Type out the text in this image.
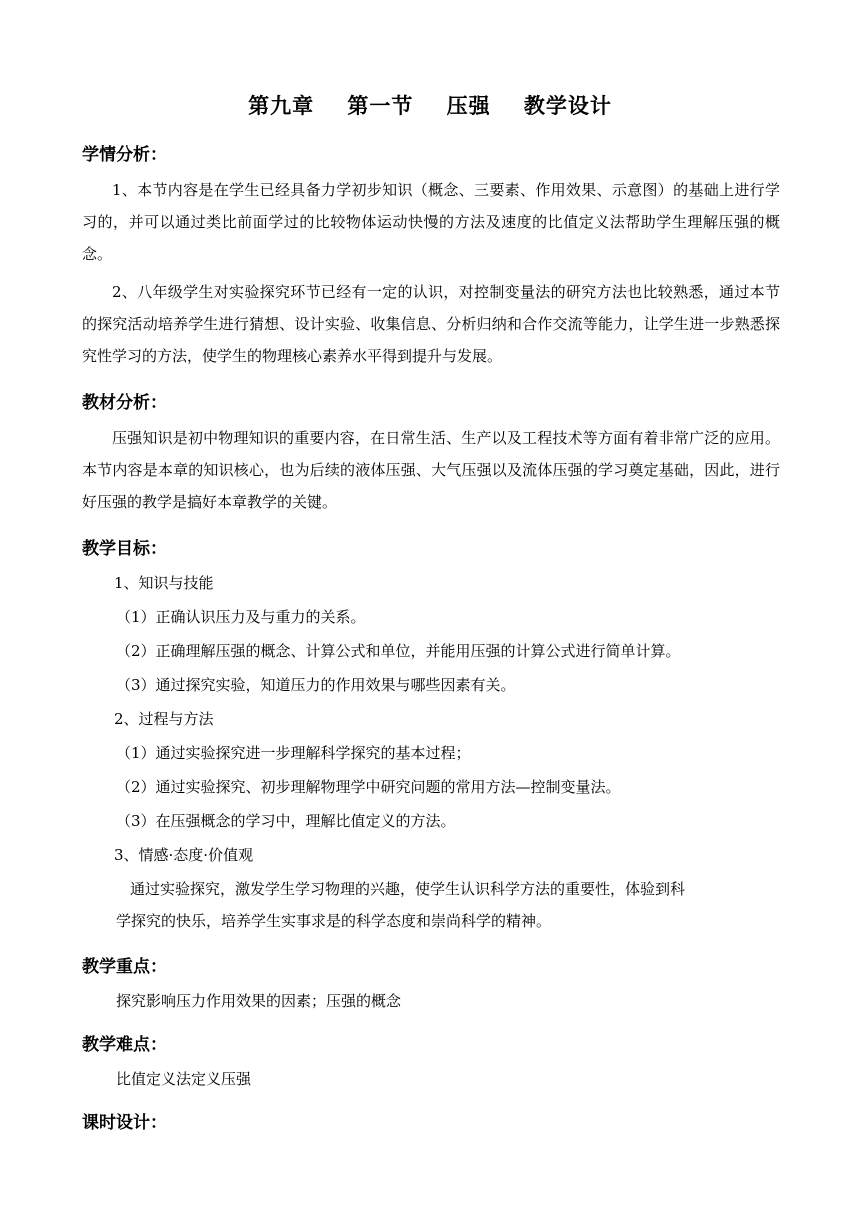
第九章    第一节    压强    教学设计
学情分析：

1、本节内容是在学生已经具备力学初步知识（概念、三要素、作用效果、示意图）的基础上进行学习的，并可以通过类比前面学过的比较物体运动快慢的方法及速度的比值定义法帮助学生理解压强的概念。

2、八年级学生对实验探究环节已经有一定的认识，对控制变量法的研究方法也比较熟悉，通过本节的探究活动培养学生进行猜想、设计实验、收集信息、分析归纳和合作交流等能力，让学生进一步熟悉探究性学习的方法，使学生的物理核心素养水平得到提升与发展。

教材分析：

压强知识是初中物理知识的重要内容，在日常生活、生产以及工程技术等方面有着非常广泛的应用。本节内容是本章的知识核心，也为后续的液体压强、大气压强以及流体压强的学习奠定基础，因此，进行好压强的教学是搞好本章教学的关键。

教学目标：
1、知识与技能
（1）正确认识压力及与重力的关系。
（2）正确理解压强的概念、计算公式和单位，并能用压强的计算公式进行简单计算。
（3）通过探究实验，知道压力的作用效果与哪些因素有关。
2、过程与方法
（1）通过实验探究进一步理解科学探究的基本过程；
（2）通过实验探究、初步理解物理学中研究问题的常用方法—控制变量法。
（3）在压强概念的学习中，理解比值定义的方法。
3、情感·态度·价值观
通过实验探究，激发学生学习物理的兴趣，使学生认识科学方法的重要性，体验到科
学探究的快乐，培养学生实事求是的科学态度和崇尚科学的精神。
教学重点：
探究影响压力作用效果的因素；压强的概念
教学难点：
比值定义法定义压强
课时设计：
